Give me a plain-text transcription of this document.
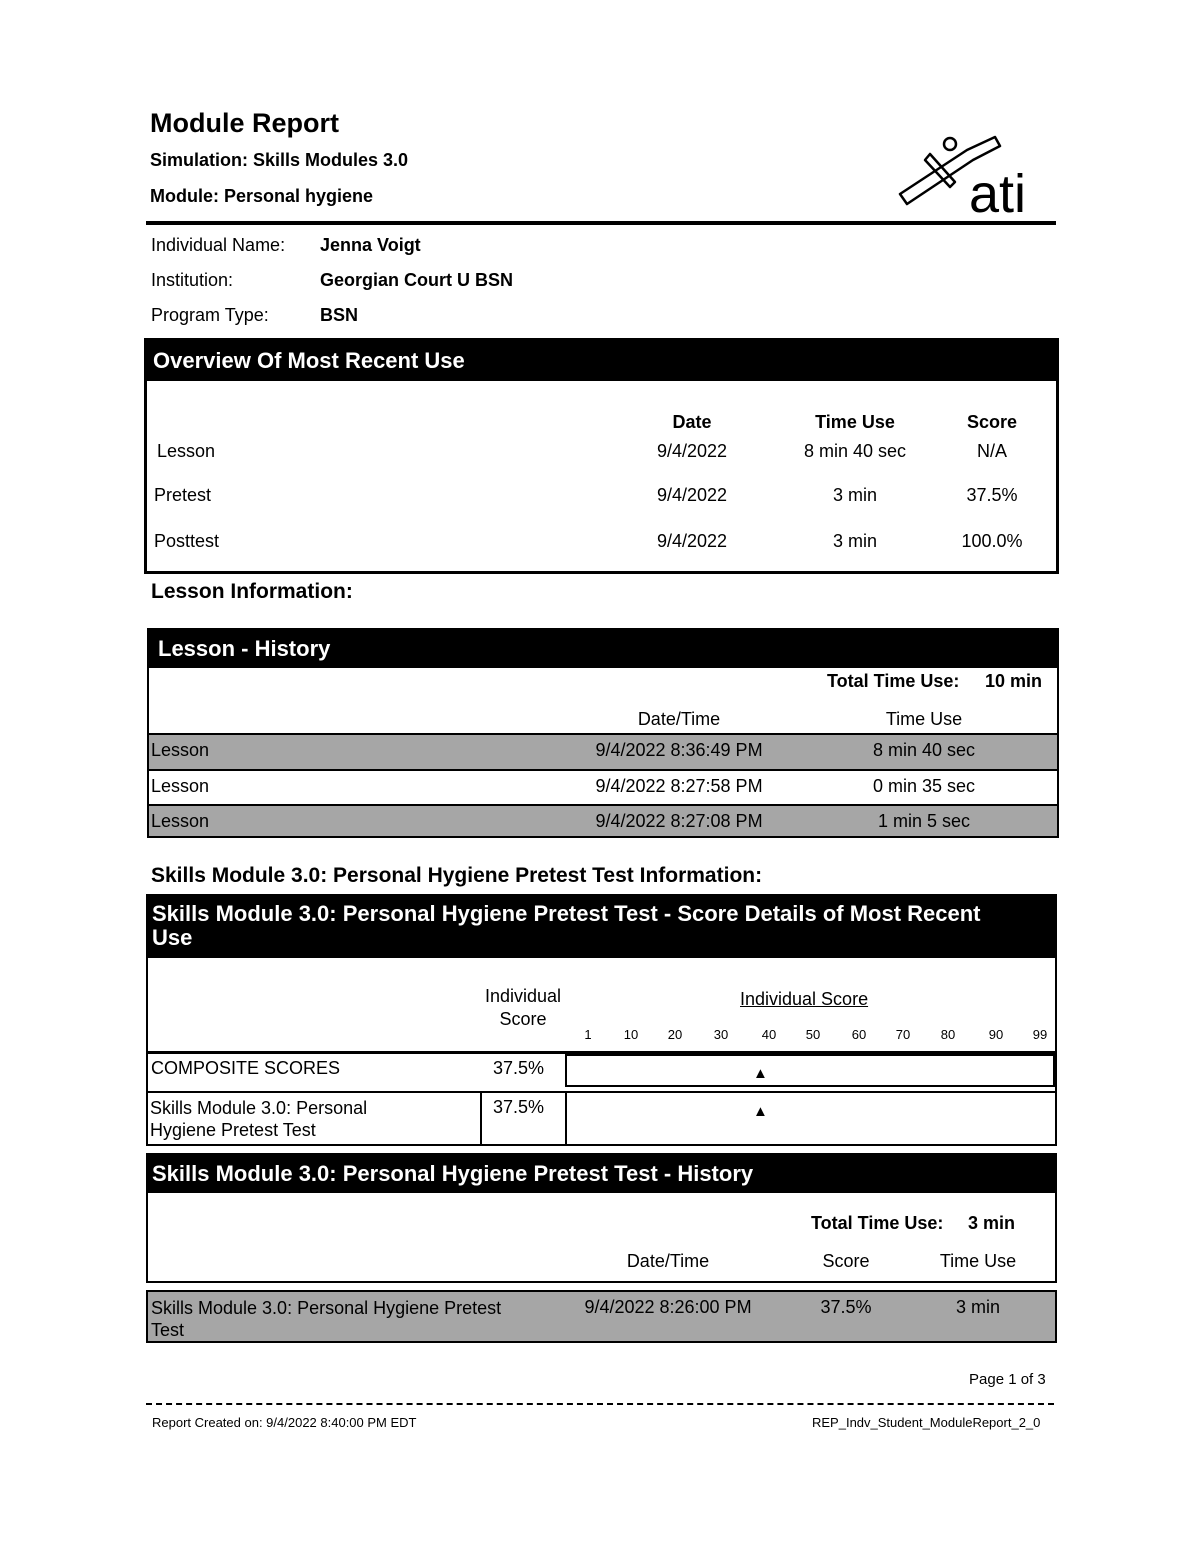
Module Report
Simulation: Skills Modules 3.0
Module: Personal hygiene	ati
Individual Name: Jenna Voigt
Institution:	Georgian Court U BSN
Program Type:	BSN
Overview Of Most Recent Use
Date	Time Use	Score
Lesson	9/4/2022	8 min 40 sec	N/A
Pretest	9/4/2022	3 min	37.5%
Posttest	9/4/2022	3 min	100.0%
Lesson Information:
Lesson - History
Total Time Use: 10 min
Date/Time	Time Use
Lesson	9/4/2022 8:36:49 PM	8 min 40 sec
Lesson	9/4/2022 8:27:58 PM	0 min 35 sec
Lesson	9/4/2022 8:27:08 PM	1 min 5 sec
Skills Module 3.0: Personal Hygiene Pretest Test Information:
Skills Module 3.0: Personal Hygiene Pretest Test - Score Details of Most Recent
Use
Individual
Score
Individual Score
1	10	20	30	40	50	60	70	80	90	99
COMPOSITE SCORES	37.5%	▲
Skills Module 3.0: Personal
Hygiene Pretest Test
37.5%	▲
Skills Module 3.0: Personal Hygiene Pretest Test - History
Total Time Use: 3 min
Date/Time	Score	Time Use
Skills Module 3.0: Personal Hygiene Pretest
Test
9/4/2022 8:26:00 PM	37.5%	3 min
Page 1 of 3
Report Created on: 9/4/2022 8:40:00 PM EDT	REP_Indv_Student_ModuleReport_2_0
